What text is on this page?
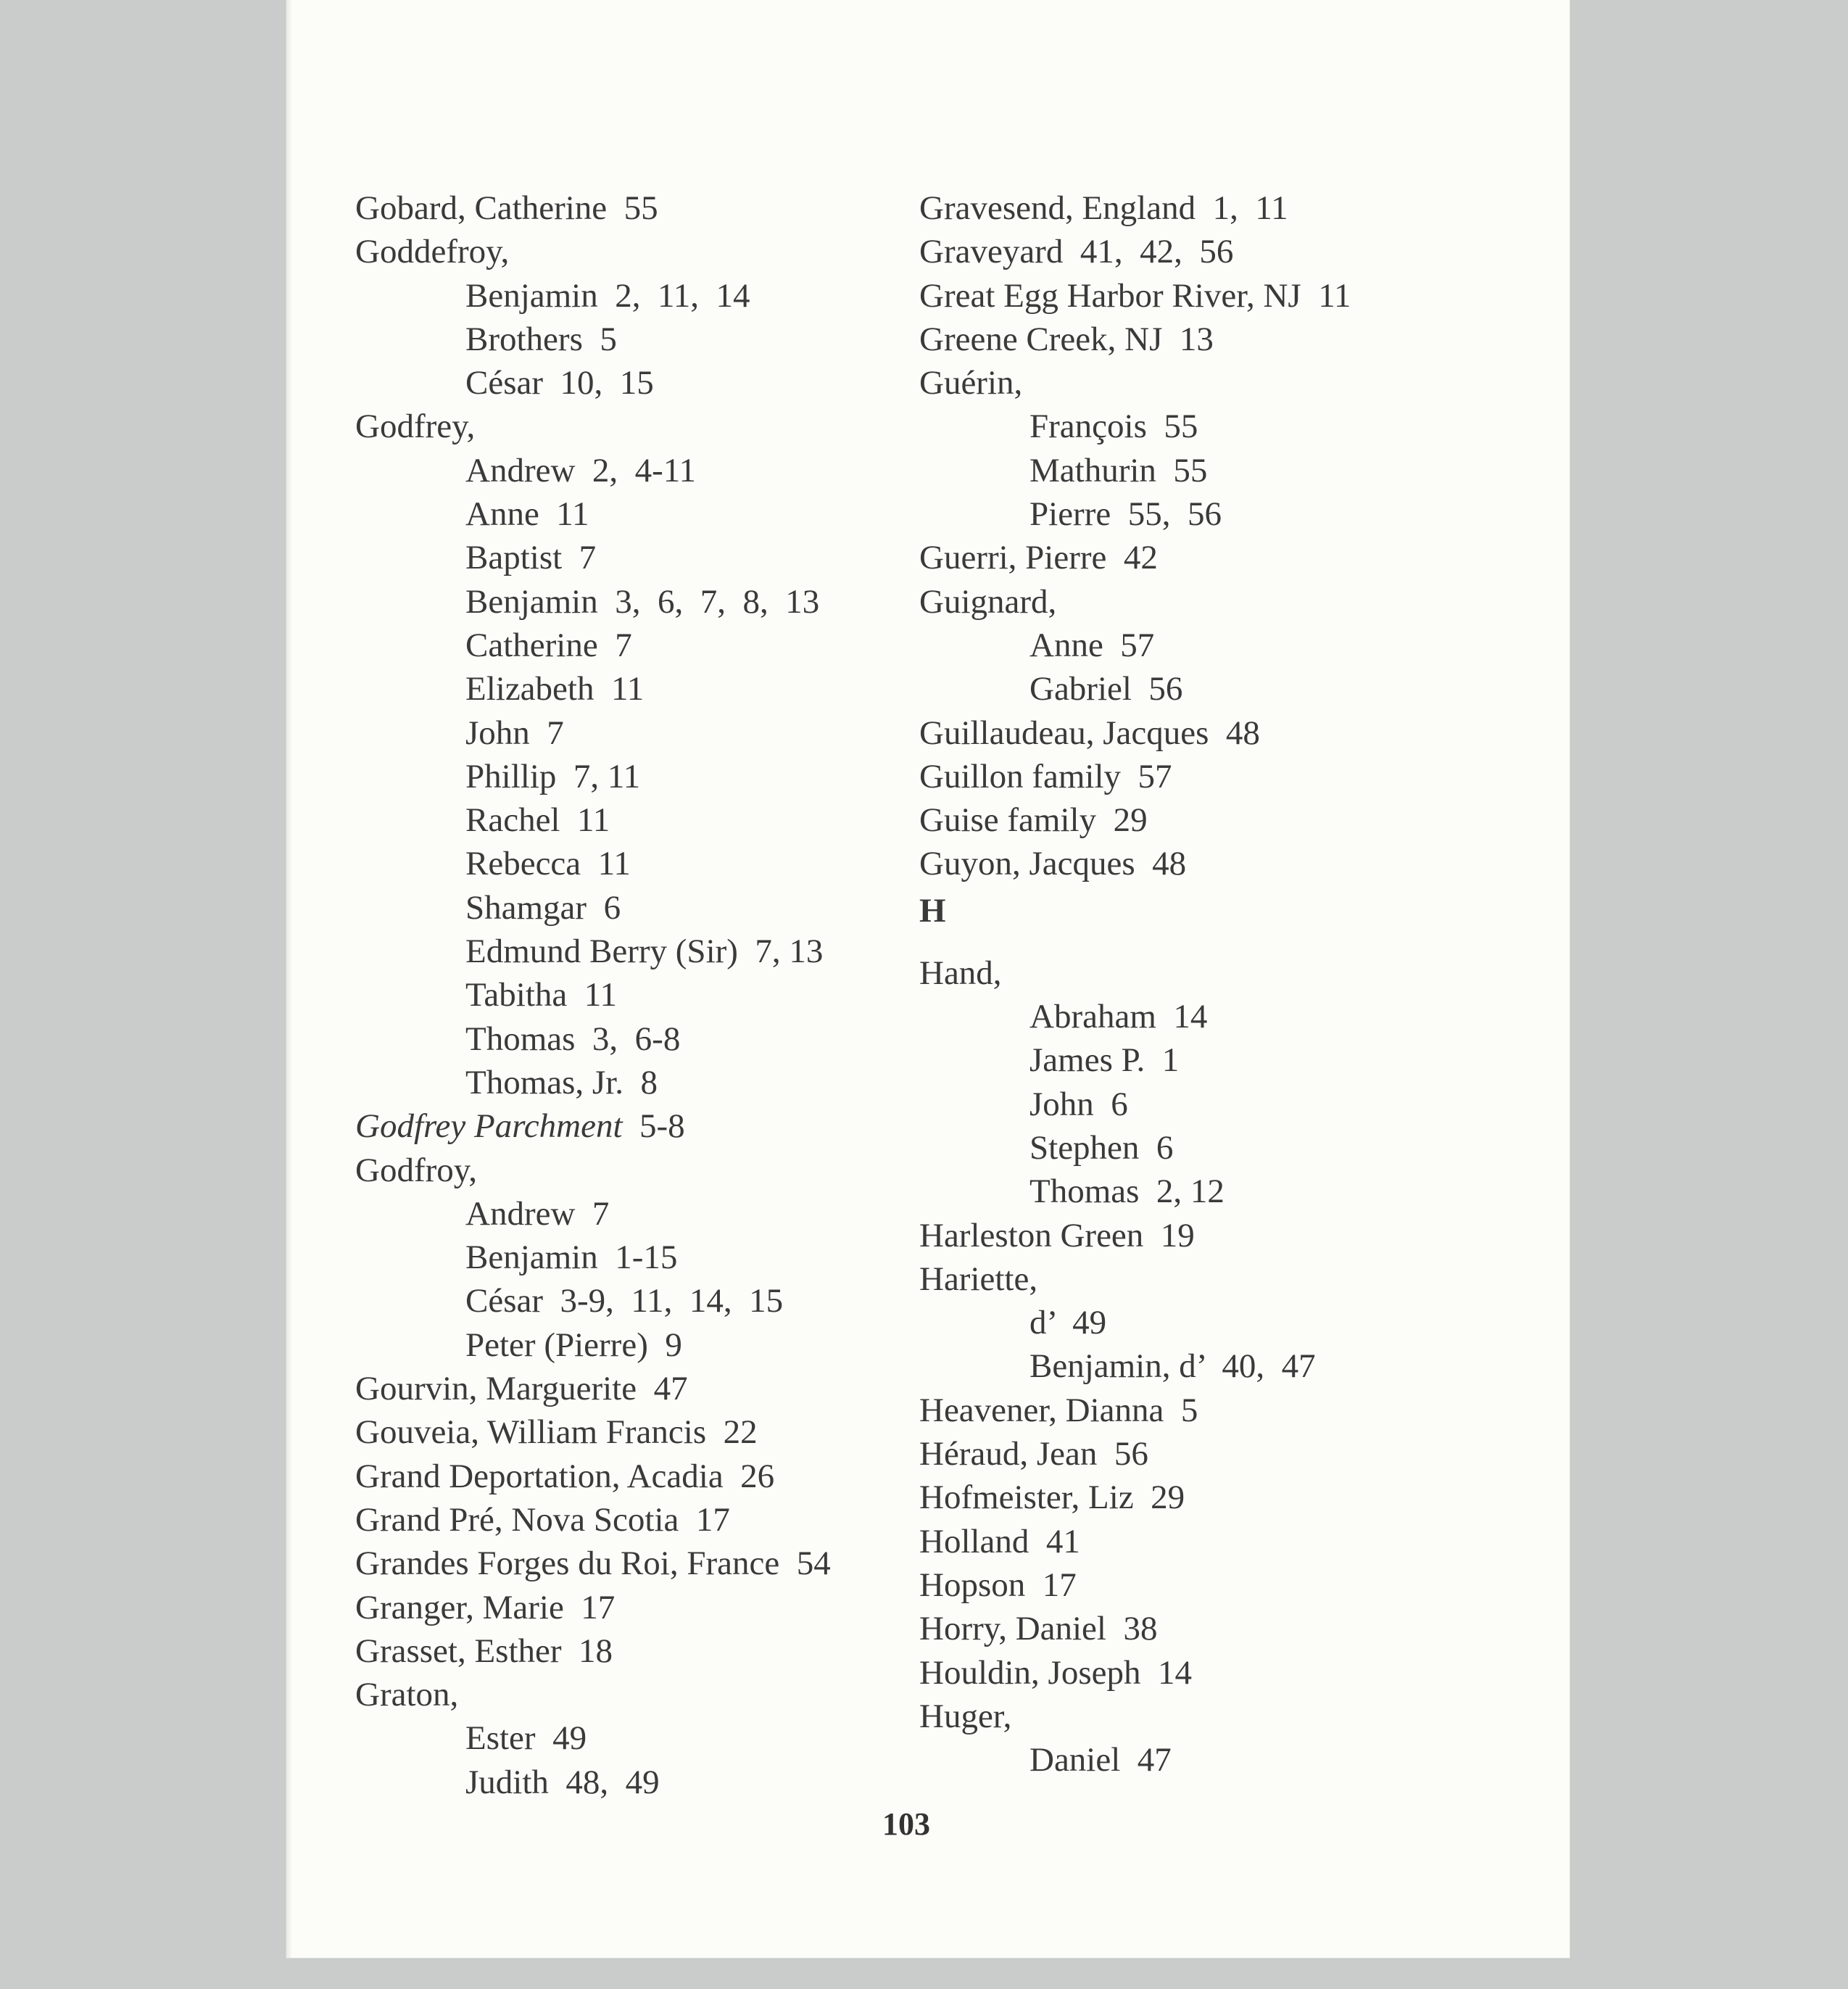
Gobard, Catherine  55
Goddefroy,
Benjamin  2,  11,  14
Brothers  5
César  10,  15
Godfrey,
Andrew  2,  4-11
Anne  11
Baptist  7
Benjamin  3,  6,  7,  8,  13
Catherine  7
Elizabeth  11
John  7
Phillip  7, 11
Rachel  11
Rebecca  11
Shamgar  6
Edmund Berry (Sir)  7, 13
Tabitha  11
Thomas  3,  6-8
Thomas, Jr.  8
Godfrey Parchment  5-8
Godfroy,
Andrew  7
Benjamin  1-15
César  3-9,  11,  14,  15
Peter (Pierre)  9
Gourvin, Marguerite  47
Gouveia, William Francis  22
Grand Deportation, Acadia  26
Grand Pré, Nova Scotia  17
Grandes Forges du Roi, France  54
Granger, Marie  17
Grasset, Esther  18
Graton,
Ester  49
Judith  48,  49
Gravesend, England  1,  11
Graveyard  41,  42,  56
Great Egg Harbor River, NJ  11
Greene Creek, NJ  13
Guérin,
François  55
Mathurin  55
Pierre  55,  56
Guerri, Pierre  42
Guignard,
Anne  57
Gabriel  56
Guillaudeau, Jacques  48
Guillon family  57
Guise family  29
Guyon, Jacques  48
H
Hand,
Abraham  14
James P.  1
John  6
Stephen  6
Thomas  2, 12
Harleston Green  19
Hariette,
d’  49
Benjamin, d’  40,  47
Heavener, Dianna  5
Héraud, Jean  56
Hofmeister, Liz  29
Holland  41
Hopson  17
Horry, Daniel  38
Houldin, Joseph  14
Huger,
Daniel  47
103
